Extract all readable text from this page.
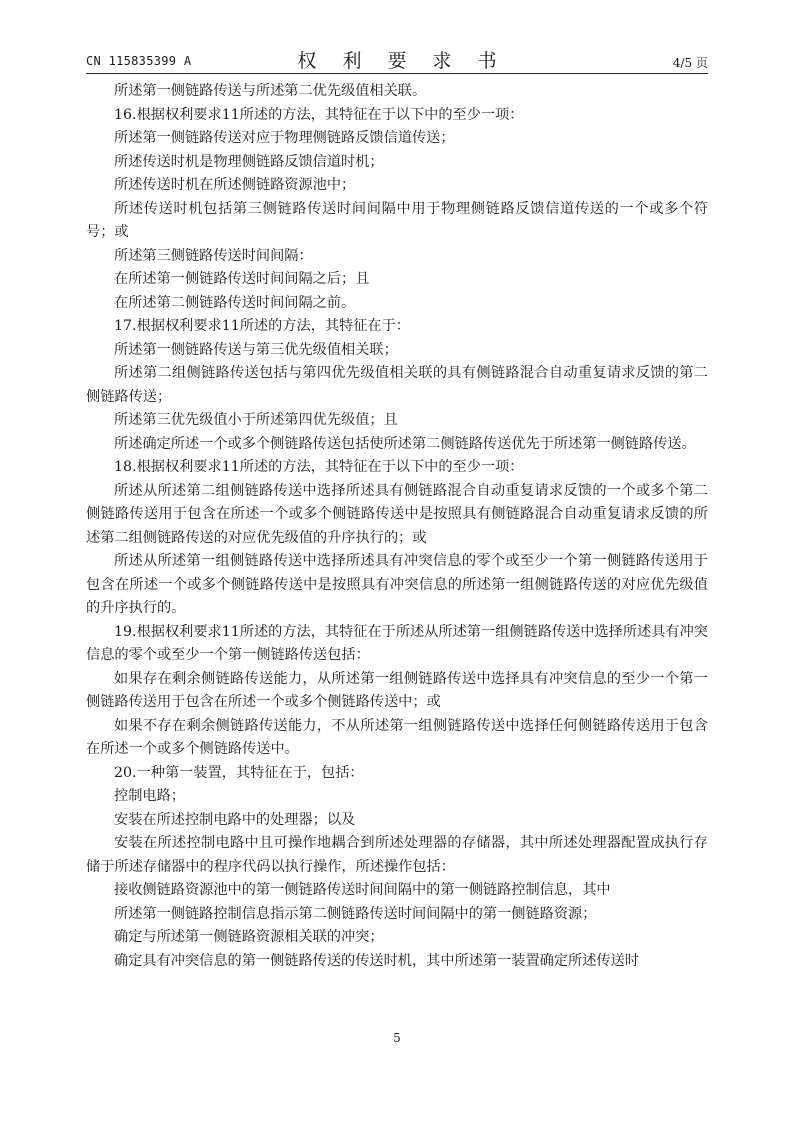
CN 115835399 A	权 利 要 求 书	4/5 页

所述第一侧链路传送与所述第二优先级值相关联。

16.根据权利要求11所述的方法，其特征在于以下中的至少一项：

所述第一侧链路传送对应于物理侧链路反馈信道传送；

所述传送时机是物理侧链路反馈信道时机；

所述传送时机在所述侧链路资源池中；

所述传送时机包括第三侧链路传送时间间隔中用于物理侧链路反馈信道传送的一个或多个符号；或

所述第三侧链路传送时间间隔：

在所述第一侧链路传送时间间隔之后；且

在所述第二侧链路传送时间间隔之前。

17.根据权利要求11所述的方法，其特征在于：

所述第一侧链路传送与第三优先级值相关联；

所述第二组侧链路传送包括与第四优先级值相关联的具有侧链路混合自动重复请求反馈的第二侧链路传送；

所述第三优先级值小于所述第四优先级值；且

所述确定所述一个或多个侧链路传送包括使所述第二侧链路传送优先于所述第一侧链路传送。

18.根据权利要求11所述的方法，其特征在于以下中的至少一项：

所述从所述第二组侧链路传送中选择所述具有侧链路混合自动重复请求反馈的一个或多个第二侧链路传送用于包含在所述一个或多个侧链路传送中是按照具有侧链路混合自动重复请求反馈的所述第二组侧链路传送的对应优先级值的升序执行的；或

所述从所述第一组侧链路传送中选择所述具有冲突信息的零个或至少一个第一侧链路传送用于包含在所述一个或多个侧链路传送中是按照具有冲突信息的所述第一组侧链路传送的对应优先级值的升序执行的。

19.根据权利要求11所述的方法，其特征在于所述从所述第一组侧链路传送中选择所述具有冲突信息的零个或至少一个第一侧链路传送包括：

如果存在剩余侧链路传送能力，从所述第一组侧链路传送中选择具有冲突信息的至少一个第一侧链路传送用于包含在所述一个或多个侧链路传送中；或

如果不存在剩余侧链路传送能力，不从所述第一组侧链路传送中选择任何侧链路传送用于包含在所述一个或多个侧链路传送中。

20.一种第一装置，其特征在于，包括：

控制电路；

安装在所述控制电路中的处理器；以及

安装在所述控制电路中且可操作地耦合到所述处理器的存储器，其中所述处理器配置成执行存储于所述存储器中的程序代码以执行操作，所述操作包括：

接收侧链路资源池中的第一侧链路传送时间间隔中的第一侧链路控制信息，其中

所述第一侧链路控制信息指示第二侧链路传送时间间隔中的第一侧链路资源；

确定与所述第一侧链路资源相关联的冲突；

确定具有冲突信息的第一侧链路传送的传送时机，其中所述第一装置确定所述传送时

5
